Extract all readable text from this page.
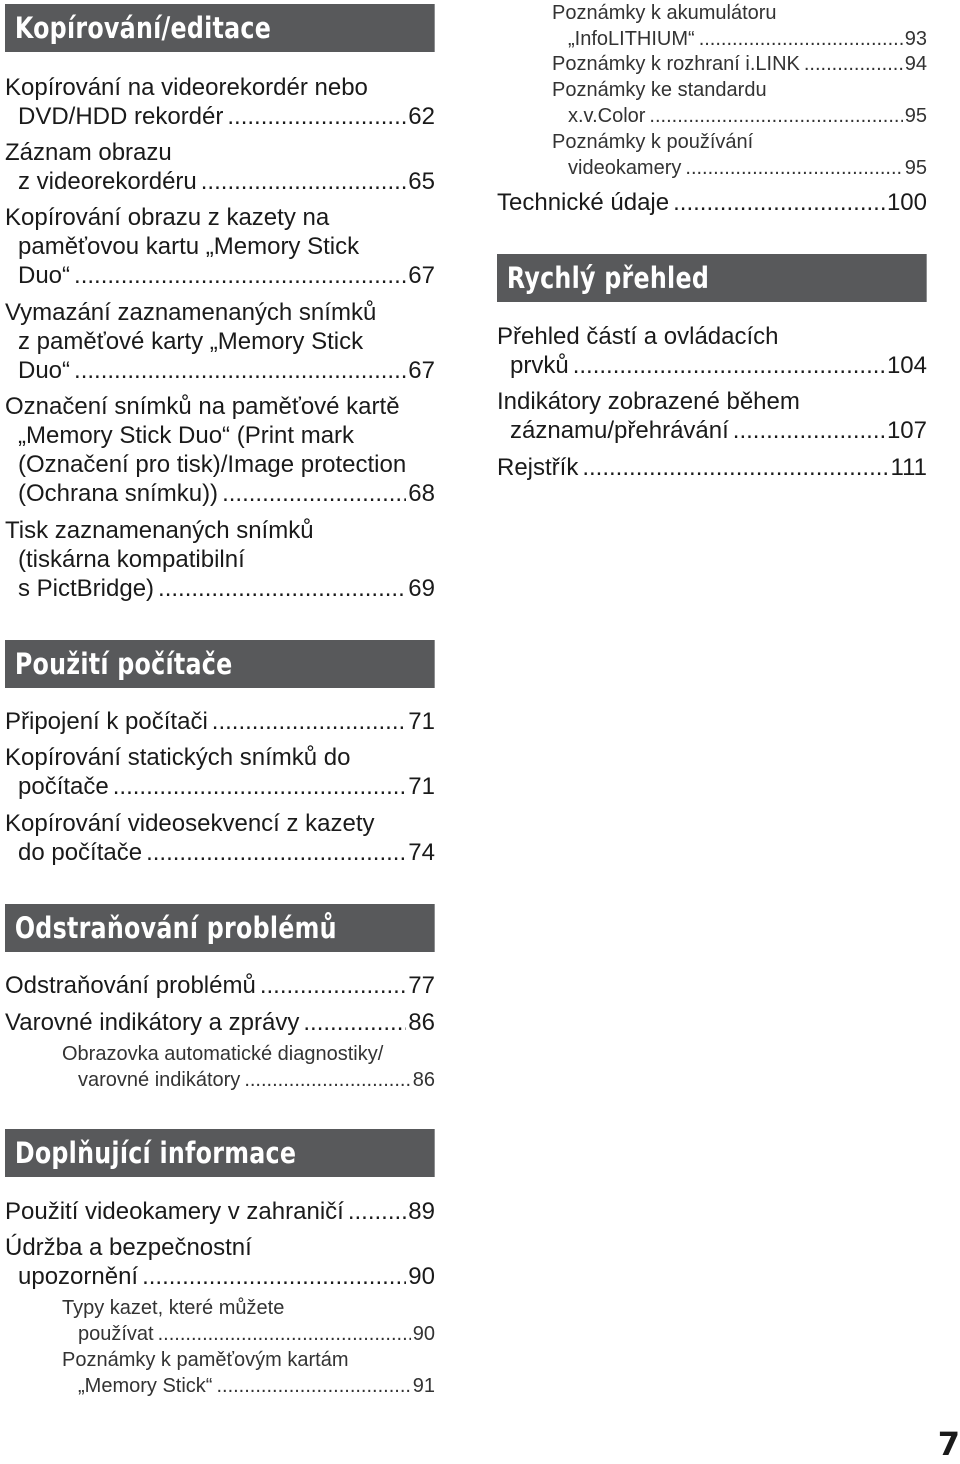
Kopírování/editace
Kopírování na videorekordér nebo
DVD/HDD rekordér .....	62
Záznam obrazu
z videorekordéru .....	65
Kopírování obrazu z kazety na
paměťovou kartu „Memory Stick
Duo“ .....	67
Vymazání zaznamenaných snímků
z paměťové karty „Memory Stick
Duo“ .....	67
Označení snímků na paměťové kartě
„Memory Stick Duo“ (Print mark
(Označení pro tisk)/Image protection
(Ochrana snímku)) .....	68
Tisk zaznamenaných snímků
(tiskárna kompatibilní
s PictBridge) .....	69
Použití počítače
Připojení k počítači .....	71
Kopírování statických snímků do
počítače .....	71
Kopírování videosekvencí z kazety
do počítače .....	74
Odstraňování problémů
Odstraňování problémů .....	77
Varovné indikátory a zprávy .....	86
Obrazovka automatické diagnostiky/
varovné indikátory .....	86
Doplňující informace
Použití videokamery v zahraničí .....	89
Údržba a bezpečnostní
upozornění .....	90
Typy kazet, které můžete
používat .....	90
Poznámky k paměťovým kartám
„Memory Stick“ .....	91
Poznámky k akumulátoru
„InfoLITHIUM“ .....	93
Poznámky k rozhraní i.LINK .....	94
Poznámky ke standardu
x.v.Color .....	95
Poznámky k používání
videokamery .....	95
Technické údaje .....	100
Rychlý přehled
Přehled částí a ovládacích
prvků .....	104
Indikátory zobrazené během
záznamu/přehrávání .....	107
Rejstřík .....	111
7
